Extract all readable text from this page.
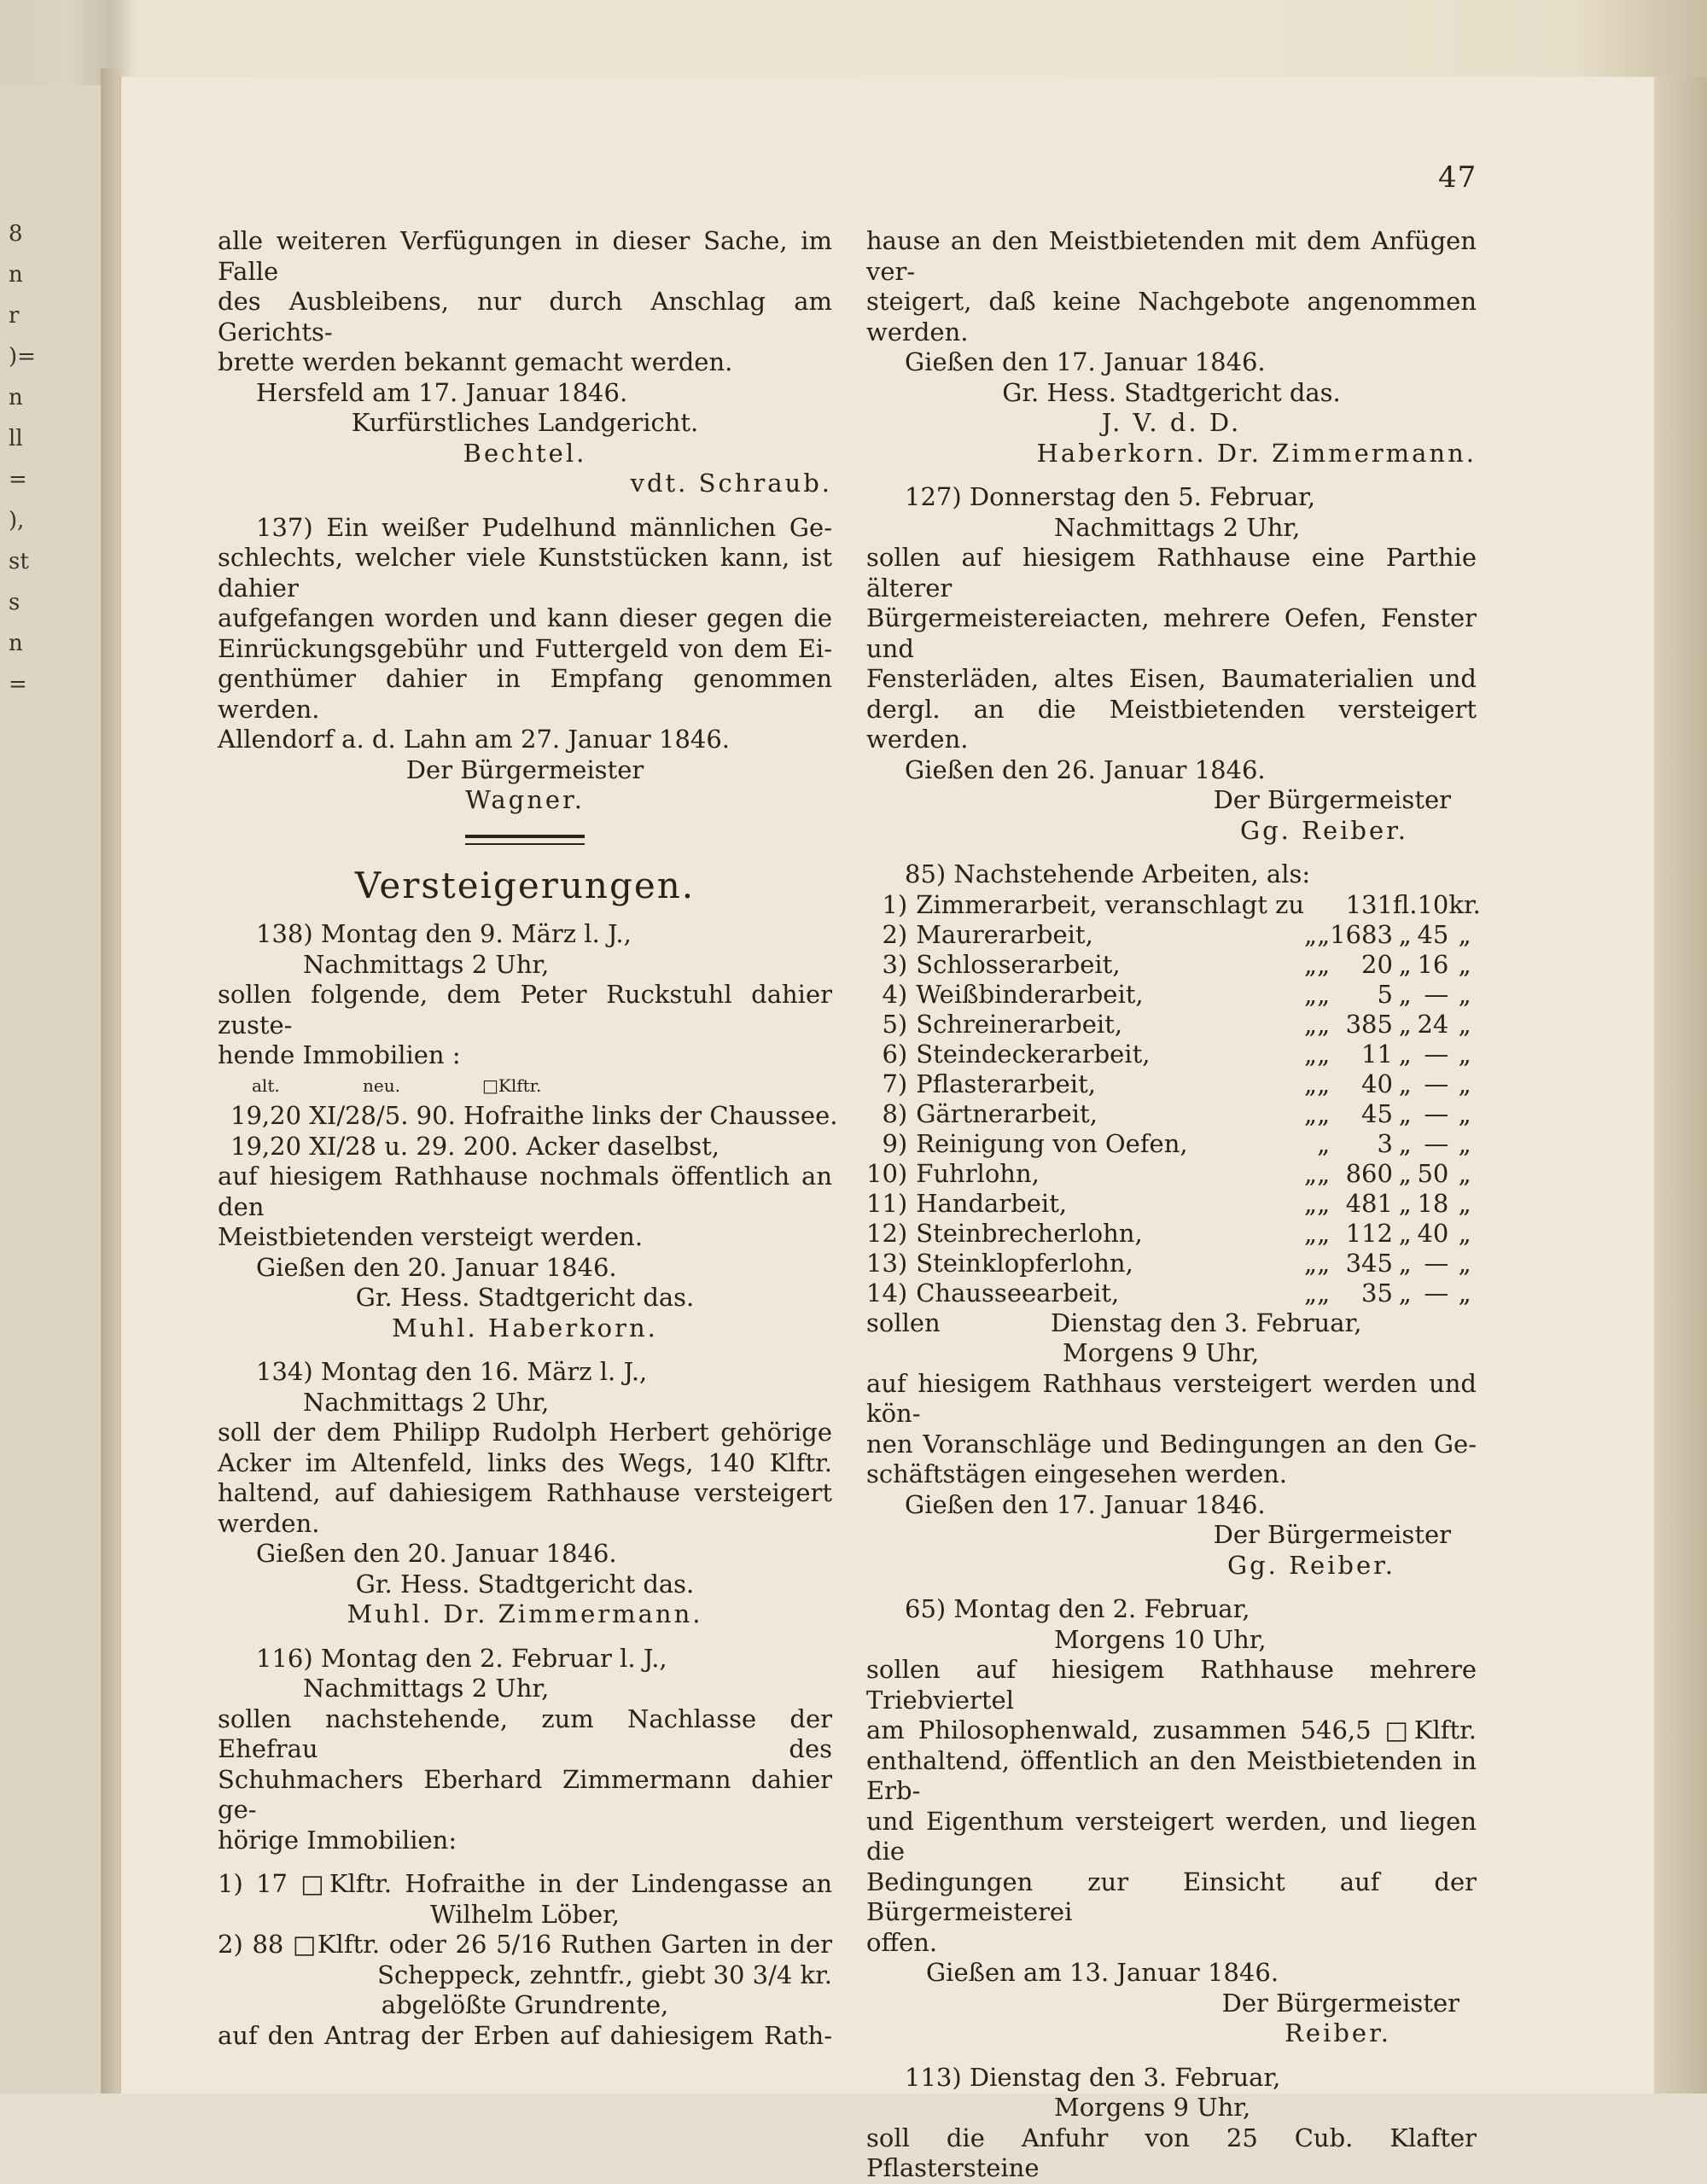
8
n
r
)=
n
ll
=
),
st
s
n
=
47
alle weiteren Verfügungen in dieser Sache, im Falle
des Ausbleibens, nur durch Anschlag am Gerichts-
brette werden bekannt gemacht werden.
Hersfeld am 17. Januar 1846.
Kurfürstliches Landgericht.
Bechtel.
vdt. Schraub.
137) Ein weißer Pudelhund männlichen Ge-
schlechts, welcher viele Kunststücken kann, ist dahier
aufgefangen worden und kann dieser gegen die
Einrückungsgebühr und Futtergeld von dem Ei-
genthümer dahier in Empfang genommen werden.
Allendorf a. d. Lahn am 27. Januar 1846.
Der Bürgermeister
Wagner.
Versteigerungen.
138) Montag den 9. März l. J.,
Nachmittags 2 Uhr,
sollen folgende, dem Peter Ruckstuhl dahier zuste-
hende Immobilien :
alt.	neu.	□Klftr.
19,20 XI/28/5. 90. Hofraithe links der Chaussee.
19,20 XI/28 u. 29. 200. Acker daselbst,
auf hiesigem Rathhause nochmals öffentlich an den
Meistbietenden versteigt werden.
Gießen den 20. Januar 1846.
Gr. Hess. Stadtgericht das.
Muhl. Haberkorn.
134) Montag den 16. März l. J.,
Nachmittags 2 Uhr,
soll der dem Philipp Rudolph Herbert gehörige
Acker im Altenfeld, links des Wegs, 140 Klftr.
haltend, auf dahiesigem Rathhause versteigert werden.
Gießen den 20. Januar 1846.
Gr. Hess. Stadtgericht das.
Muhl. Dr. Zimmermann.
116) Montag den 2. Februar l. J.,
Nachmittags 2 Uhr,
sollen nachstehende, zum Nachlasse der Ehefrau des
Schuhmachers Eberhard Zimmermann dahier ge-
hörige Immobilien:
1) 17 □Klftr. Hofraithe in der Lindengasse an
Wilhelm Löber,
2) 88 □Klftr. oder 26 5/16 Ruthen Garten in der
Scheppeck, zehntfr., giebt 30 3/4 kr.
abgelößte Grundrente,
auf den Antrag der Erben auf dahiesigem Rath-
hause an den Meistbietenden mit dem Anfügen ver-
steigert, daß keine Nachgebote angenommen werden.
Gießen den 17. Januar 1846.
Gr. Hess. Stadtgericht das.
J. V. d. D.
Haberkorn. Dr. Zimmermann.
127) Donnerstag den 5. Februar,
Nachmittags 2 Uhr,
sollen auf hiesigem Rathhause eine Parthie älterer
Bürgermeistereiacten, mehrere Oefen, Fenster und
Fensterläden, altes Eisen, Baumaterialien und
dergl. an die Meistbietenden versteigert werden.
Gießen den 26. Januar 1846.
Der Bürgermeister
Gg. Reiber.
85) Nachstehende Arbeiten, als:
1)	Zimmerarbeit, veranschlagt zu			131	fl.	10	kr.
2)	Maurerarbeit,	„	„	1683	„	45	„
3)	Schlosserarbeit,	„	„	20	„	16	„
4)	Weißbinderarbeit,	„	„	5	„	—	„
5)	Schreinerarbeit,	„	„	385	„	24	„
6)	Steindeckerarbeit,	„	„	11	„	—	„
7)	Pflasterarbeit,	„	„	40	„	—	„
8)	Gärtnerarbeit,	„	„	45	„	—	„
9)	Reinigung von Oefen,		„	3	„	—	„
10)	Fuhrlohn,	„	„	860	„	50	„
11)	Handarbeit,	„	„	481	„	18	„
12)	Steinbrecherlohn,	„	„	112	„	40	„
13)	Steinklopferlohn,	„	„	345	„	—	„
14)	Chausseearbeit,	„	„	35	„	—	„
sollen	Dienstag den 3. Februar,
Morgens 9 Uhr,
auf hiesigem Rathhaus versteigert werden und kön-
nen Voranschläge und Bedingungen an den Ge-
schäftstägen eingesehen werden.
Gießen den 17. Januar 1846.
Der Bürgermeister
Gg. Reiber.
65) Montag den 2. Februar,
Morgens 10 Uhr,
sollen auf hiesigem Rathhause mehrere Triebviertel
am Philosophenwald, zusammen 546,5 □Klftr.
enthaltend, öffentlich an den Meistbietenden in Erb-
und Eigenthum versteigert werden, und liegen die
Bedingungen zur Einsicht auf der Bürgermeisterei
offen.
Gießen am 13. Januar 1846.
Der Bürgermeister
Reiber.
113) Dienstag den 3. Februar,
Morgens 9 Uhr,
soll die Anfuhr von 25 Cub. Klafter Pflastersteine
